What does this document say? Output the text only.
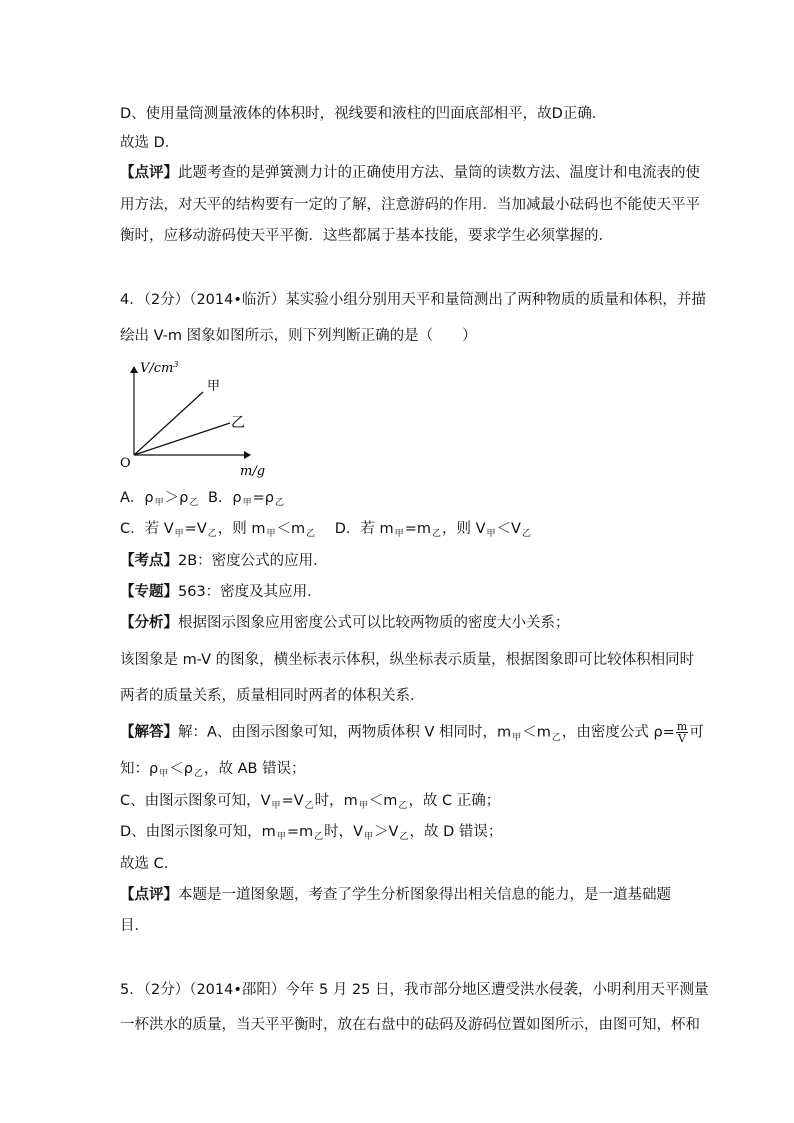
D、使用量筒测量液体的体积时，视线要和液柱的凹面底部相平，故D正确．
故选 D．
【点评】此题考查的是弹簧测力计的正确使用方法、量筒的读数方法、温度计和电流表的使
用方法，对天平的结构要有一定的了解，注意游码的作用．当加减最小砝码也不能使天平平
衡时，应移动游码使天平平衡．这些都属于基本技能，要求学生必须掌握的．
4．（2分）（2014•临沂）某实验小组分别用天平和量筒测出了两种物质的质量和体积，并描
绘出 V-m 图象如图所示，则下列判断正确的是（　　）
$V/cm^3$
甲
乙
O
m/g
A．$\rho_甲>\rho_乙$ B．$\rho_甲=\rho_乙$
C．若 $V_甲=V_乙$，则 $m_甲<m_乙$ D．若 $m_甲=m_乙$，则 $V_甲<V_乙$
【考点】2B：密度公式的应用．
【专题】563：密度及其应用．
【分析】根据图示图象应用密度公式可以比较两物质的密度大小关系；
该图象是 m-V 的图象，横坐标表示体积，纵坐标表示质量，根据图象即可比较体积相同时
两者的质量关系，质量相同时两者的体积关系．
【解答】解：A、由图示图象可知，两物质体积 V 相同时，$m_甲<m_乙$，由密度公式 $\rho= \frac{m}{V}$ 可
知：$\rho_甲<\rho_乙$，故 AB 错误；
C、由图示图象可知，$V_甲=V_乙$时，$m_甲<m_乙$，故 C 正确；
D、由图示图象可知，$m_甲=m_乙$时，$V_甲>V_乙$，故 D 错误；
故选 C．
【点评】本题是一道图象题，考查了学生分析图象得出相关信息的能力，是一道基础题
目．
5．（2分）（2014•邵阳）今年 5 月 25 日，我市部分地区遭受洪水侵袭，小明利用天平测量
一杯洪水的质量，当天平平衡时，放在右盘中的砝码及游码位置如图所示，由图可知，杯和
